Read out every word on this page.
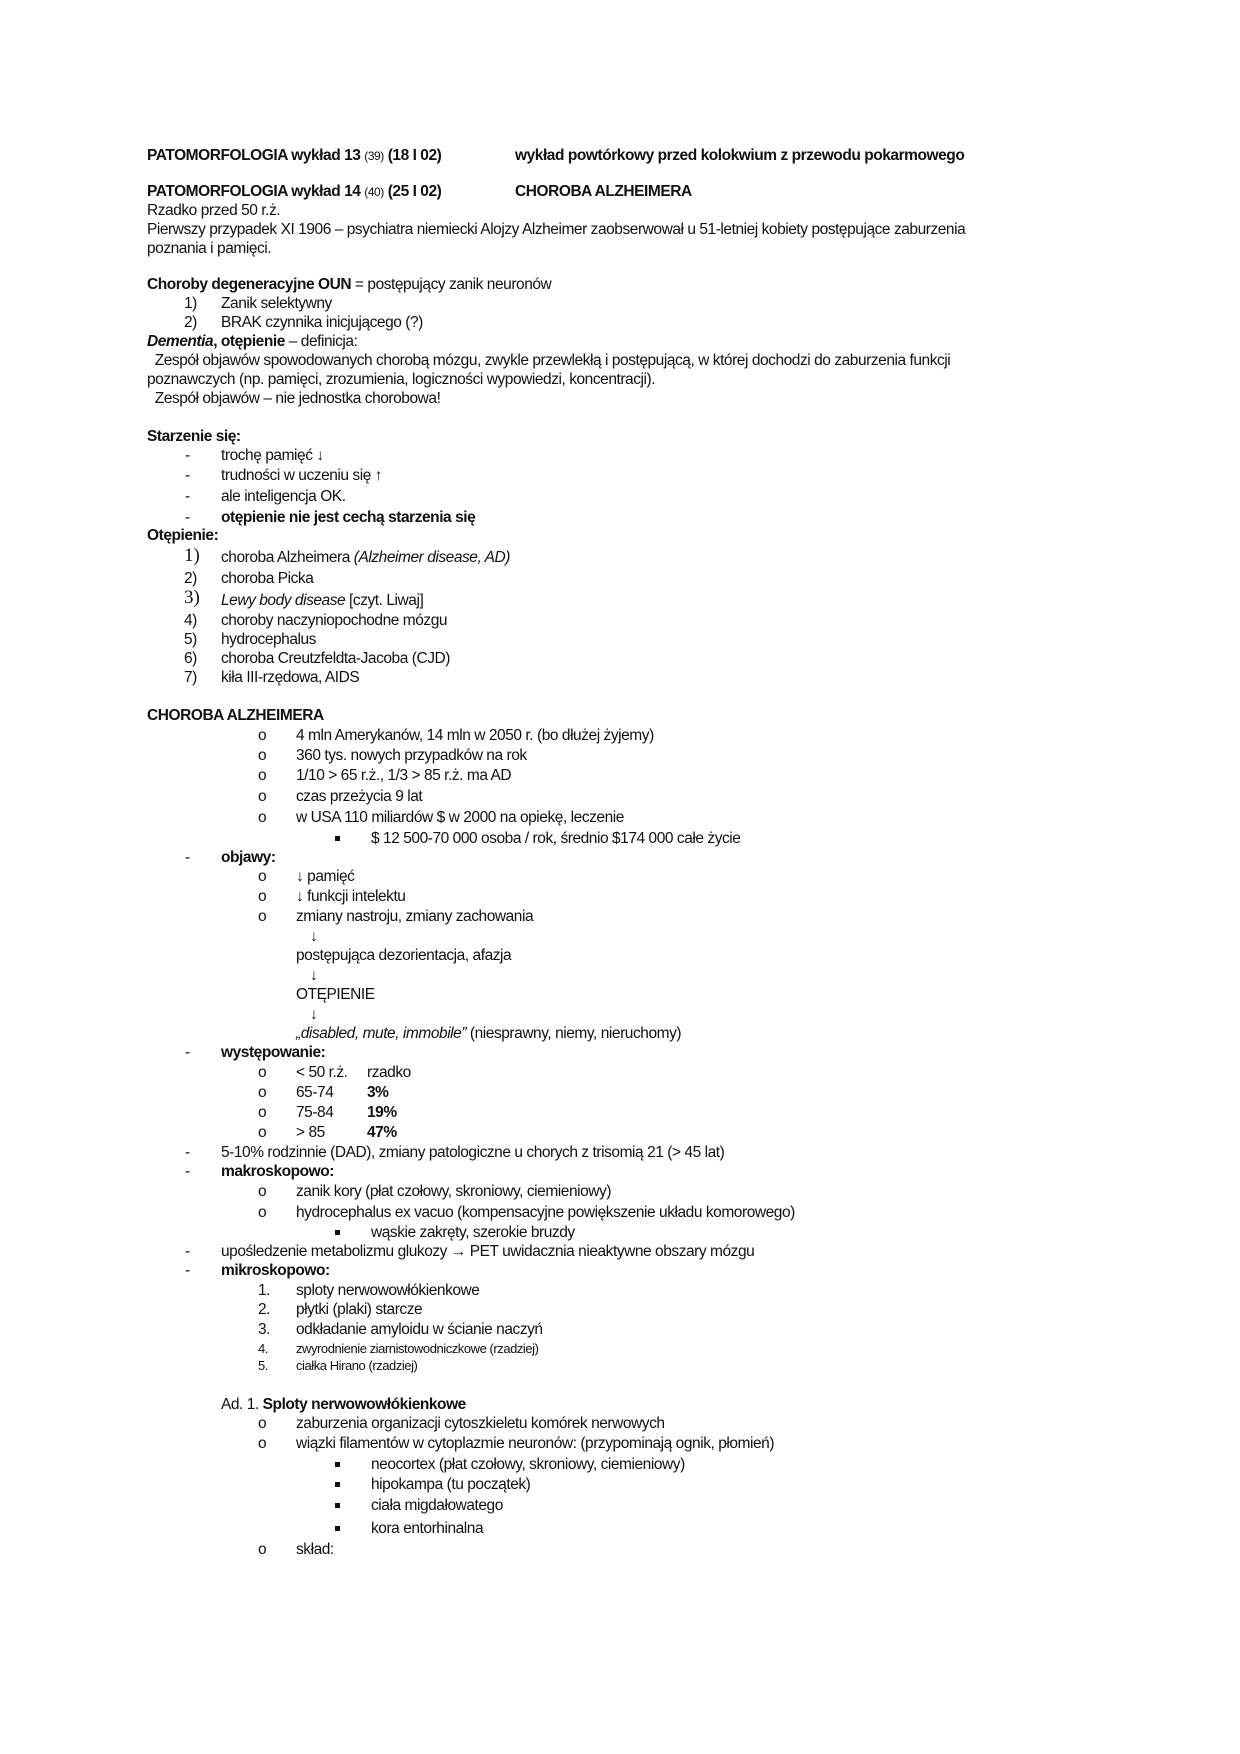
PATOMORFOLOGIA wykład 13 (39) (18 I 02)	wykład powtórkowy przed kolokwium z przewodu pokarmowego
PATOMORFOLOGIA wykład 14 (40) (25 I 02)	CHOROBA ALZHEIMERA
Rzadko przed 50 r.ż.
Pierwszy przypadek XI 1906 – psychiatra niemiecki Alojzy Alzheimer zaobserwował u 51-letniej kobiety postępujące zaburzenia
poznania i pamięci.
Choroby degeneracyjne OUN = postępujący zanik neuronów
1) Zanik selektywny
2) BRAK czynnika inicjującego (?)
Dementia, otępienie – definicja:
Zespół objawów spowodowanych chorobą mózgu, zwykle przewlekłą i postępującą, w której dochodzi do zaburzenia funkcji
poznawczych (np. pamięci, zrozumienia, logiczności wypowiedzi, koncentracji).
Zespół objawów – nie jednostka chorobowa!
Starzenie się:
- trochę pamięć ↓
- trudności w uczeniu się ↑
- ale inteligencja OK.
- otępienie nie jest cechą starzenia się
Otępienie:
1) choroba Alzheimera (Alzheimer disease, AD)
2) choroba Picka
3) Lewy body disease [czyt. Liwaj]
4) choroby naczyniopochodne mózgu
5) hydrocephalus
6) choroba Creutzfeldta-Jacoba (CJD)
7) kiła III-rzędowa, AIDS
CHOROBA ALZHEIMERA
o 4 mln Amerykanów, 14 mln w 2050 r. (bo dłużej żyjemy)
o 360 tys. nowych przypadków na rok
o 1/10 > 65 r.ż., 1/3 > 85 r.ż. ma AD
o czas przeżycia 9 lat
o w USA 110 miliardów $ w 2000 na opiekę, leczenie
$ 12 500-70 000 osoba / rok, średnio $174 000 całe życie
- objawy:
o ↓ pamięć
o ↓ funkcji intelektu
o zmiany nastroju, zmiany zachowania
↓
postępująca dezorientacja, afazja
↓
OTĘPIENIE
↓
„disabled, mute, immobile” (niesprawny, niemy, nieruchomy)
- występowanie:
o < 50 r.ż. rzadko
o 65-74 3%
o 75-84 19%
o > 85	47%
- 5-10% rodzinnie (DAD), zmiany patologiczne u chorych z trisomią 21 (> 45 lat)
- makroskopowo:
o zanik kory (płat czołowy, skroniowy, ciemieniowy)
o hydrocephalus ex vacuo (kompensacyjne powiększenie układu komorowego)
wąskie zakręty, szerokie bruzdy
- upośledzenie metabolizmu glukozy → PET uwidacznia nieaktywne obszary mózgu
- mikroskopowo:
1. sploty nerwowowłókienkowe
2. płytki (plaki) starcze
3. odkładanie amyloidu w ścianie naczyń
4. zwyrodnienie ziarnistowodniczkowe (rzadziej)
5. ciałka Hirano (rzadziej)
Ad. 1. Sploty nerwowowłókienkowe
o zaburzenia organizacji cytoszkieletu komórek nerwowych
o wiązki filamentów w cytoplazmie neuronów: (przypominają ognik, płomień)
neocortex (płat czołowy, skroniowy, ciemieniowy)
hipokampa (tu początek)
ciała migdałowatego
kora entorhinalna
o skład:
